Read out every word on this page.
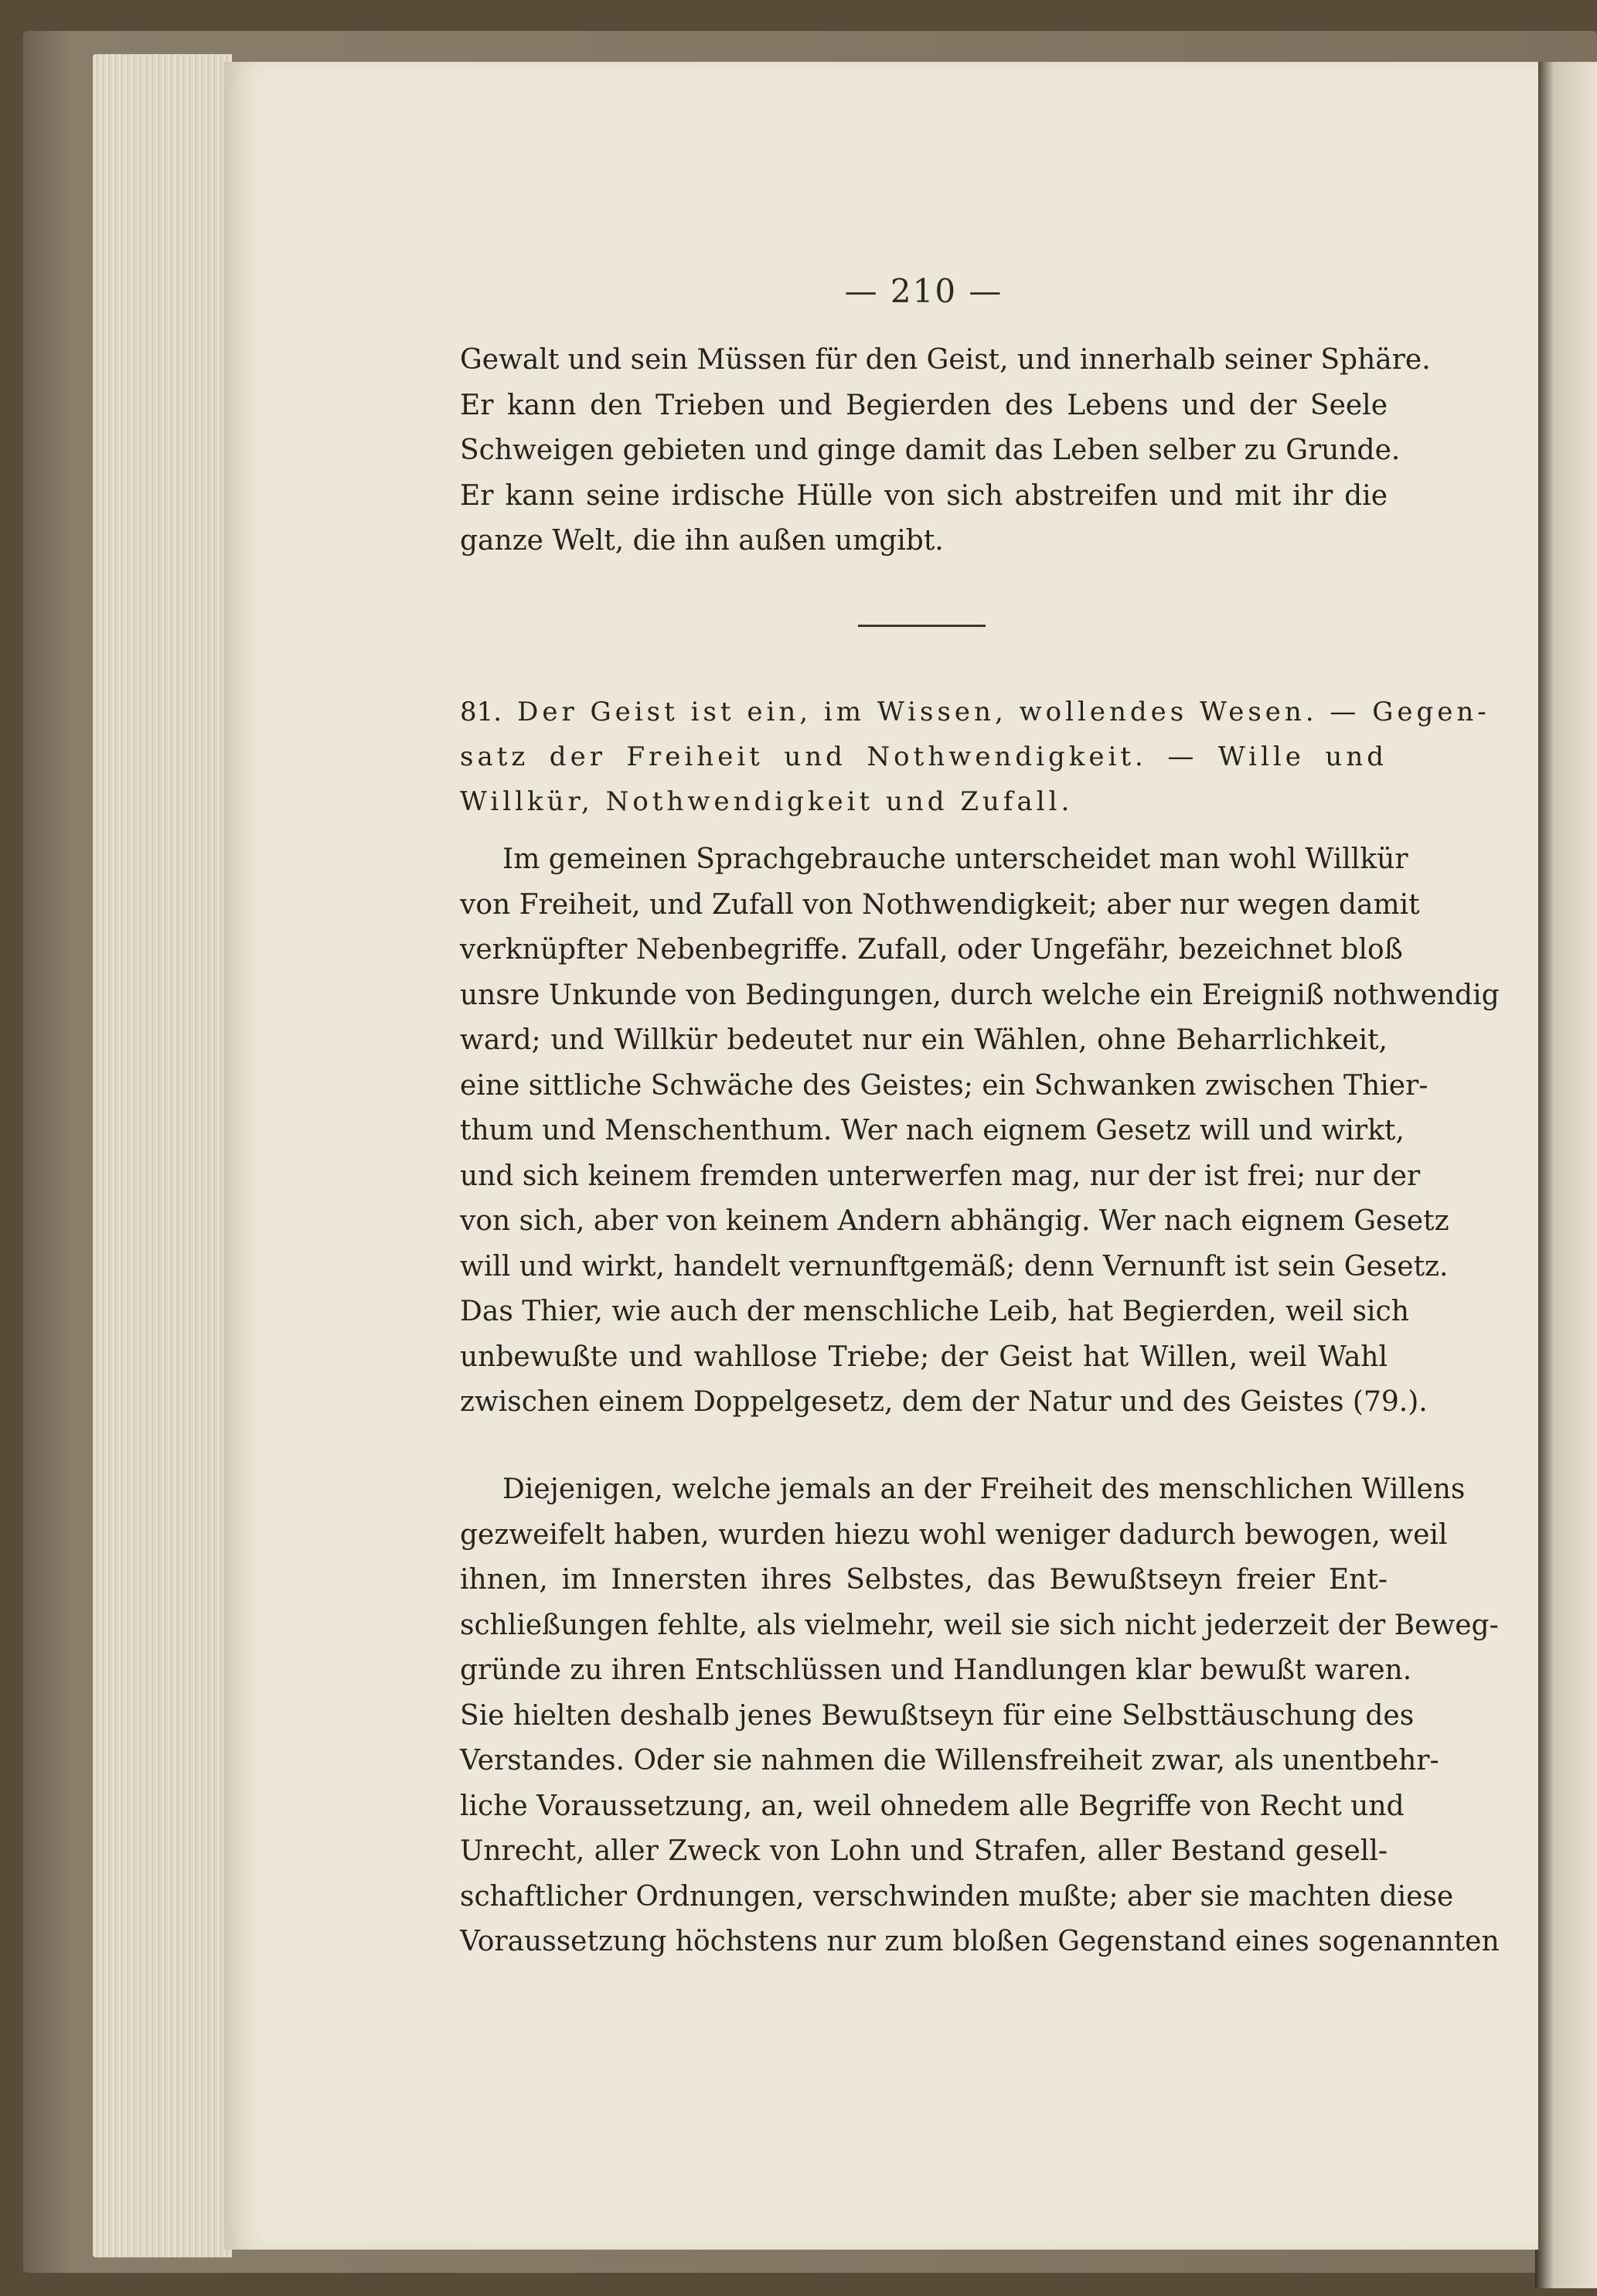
— 210 —
Gewalt und sein Müssen für den Geist, und innerhalb seiner Sphäre.
Er kann den Trieben und Begierden des Lebens und der Seele
Schweigen gebieten und ginge damit das Leben selber zu Grunde.
Er kann seine irdische Hülle von sich abstreifen und mit ihr die
ganze Welt, die ihn außen umgibt.
81. Der Geist ist ein, im Wissen, wollendes Wesen. — Gegen-
satz der Freiheit und Nothwendigkeit. — Wille und
Willkür, Nothwendigkeit und Zufall.
Im gemeinen Sprachgebrauche unterscheidet man wohl Willkür
von Freiheit, und Zufall von Nothwendigkeit; aber nur wegen damit
verknüpfter Nebenbegriffe. Zufall, oder Ungefähr, bezeichnet bloß
unsre Unkunde von Bedingungen, durch welche ein Ereigniß nothwendig
ward; und Willkür bedeutet nur ein Wählen, ohne Beharrlichkeit,
eine sittliche Schwäche des Geistes; ein Schwanken zwischen Thier-
thum und Menschenthum. Wer nach eignem Gesetz will und wirkt,
und sich keinem fremden unterwerfen mag, nur der ist frei; nur der
von sich, aber von keinem Andern abhängig. Wer nach eignem Gesetz
will und wirkt, handelt vernunftgemäß; denn Vernunft ist sein Gesetz.
Das Thier, wie auch der menschliche Leib, hat Begierden, weil sich
unbewußte und wahllose Triebe; der Geist hat Willen, weil Wahl
zwischen einem Doppelgesetz, dem der Natur und des Geistes (79.).
Diejenigen, welche jemals an der Freiheit des menschlichen Willens
gezweifelt haben, wurden hiezu wohl weniger dadurch bewogen, weil
ihnen, im Innersten ihres Selbstes, das Bewußtseyn freier Ent-
schließungen fehlte, als vielmehr, weil sie sich nicht jederzeit der Beweg-
gründe zu ihren Entschlüssen und Handlungen klar bewußt waren.
Sie hielten deshalb jenes Bewußtseyn für eine Selbsttäuschung des
Verstandes. Oder sie nahmen die Willensfreiheit zwar, als unentbehr-
liche Voraussetzung, an, weil ohnedem alle Begriffe von Recht und
Unrecht, aller Zweck von Lohn und Strafen, aller Bestand gesell-
schaftlicher Ordnungen, verschwinden mußte; aber sie machten diese
Voraussetzung höchstens nur zum bloßen Gegenstand eines sogenannten
